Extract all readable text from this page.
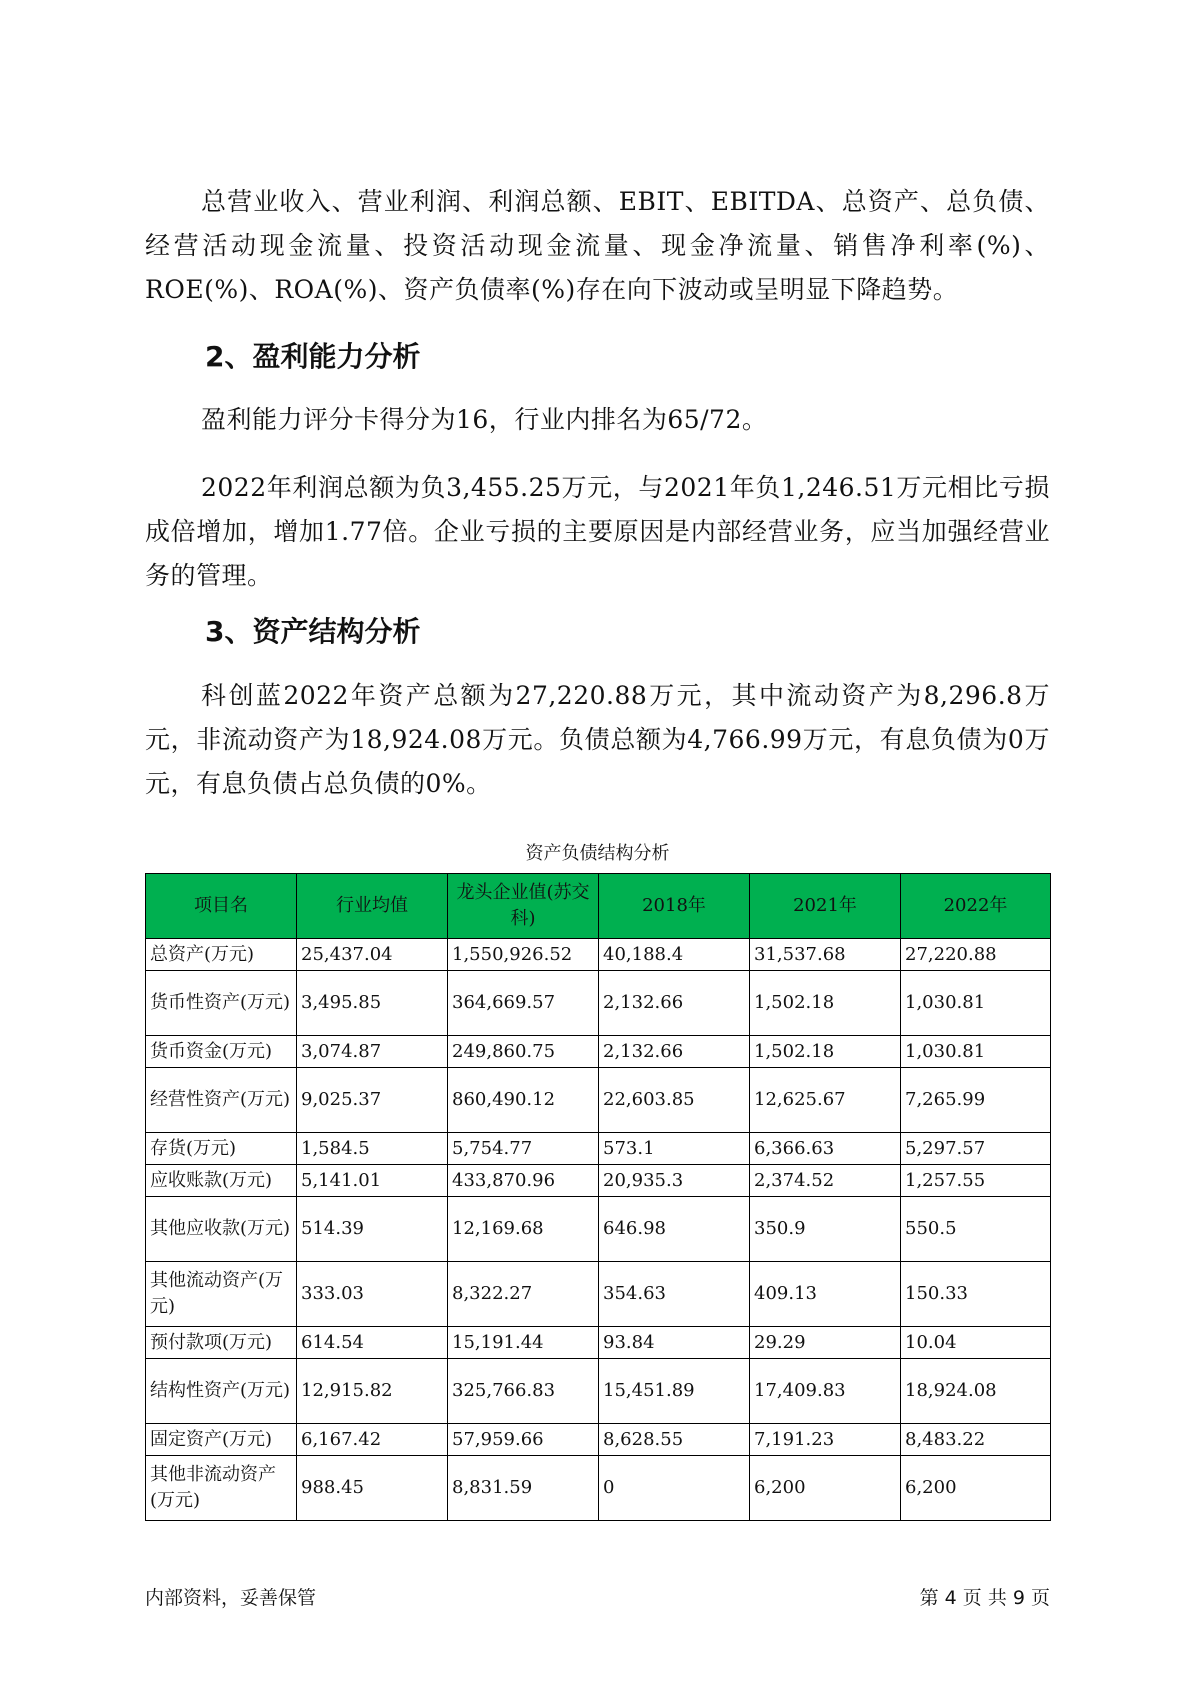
总营业收入、营业利润、利润总额、EBIT、EBITDA、总资产、总负债、经营活动现金流量、投资活动现金流量、现金净流量、销售净利率(%)、ROE(%)、ROA(%)、资产负债率(%)存在向下波动或呈明显下降趋势。

2、盈利能力分析

盈利能力评分卡得分为16，行业内排名为65/72。

2022年利润总额为负3,455.25万元，与2021年负1,246.51万元相比亏损成倍增加，增加1.77倍。企业亏损的主要原因是内部经营业务，应当加强经营业务的管理。

3、资产结构分析

科创蓝2022年资产总额为27,220.88万元，其中流动资产为8,296.8万元，非流动资产为18,924.08万元。负债总额为4,766.99万元，有息负债为0万元，有息负债占总负债的0%。

资产负债结构分析

项目名	行业均值	龙头企业值(苏交科)	2018年	2021年	2022年
总资产(万元)	25,437.04	1,550,926.52	40,188.4	31,537.68	27,220.88
货币性资产(万元)	3,495.85	364,669.57	2,132.66	1,502.18	1,030.81
货币资金(万元)	3,074.87	249,860.75	2,132.66	1,502.18	1,030.81
经营性资产(万元)	9,025.37	860,490.12	22,603.85	12,625.67	7,265.99
存货(万元)	1,584.5	5,754.77	573.1	6,366.63	5,297.57
应收账款(万元)	5,141.01	433,870.96	20,935.3	2,374.52	1,257.55
其他应收款(万元)	514.39	12,169.68	646.98	350.9	550.5
其他流动资产(万元)	333.03	8,322.27	354.63	409.13	150.33
预付款项(万元)	614.54	15,191.44	93.84	29.29	10.04
结构性资产(万元)	12,915.82	325,766.83	15,451.89	17,409.83	18,924.08
固定资产(万元)	6,167.42	57,959.66	8,628.55	7,191.23	8,483.22
其他非流动资产(万元)	988.45	8,831.59	0	6,200	6,200

内部资料，妥善保管	第 4 页 共 9 页
